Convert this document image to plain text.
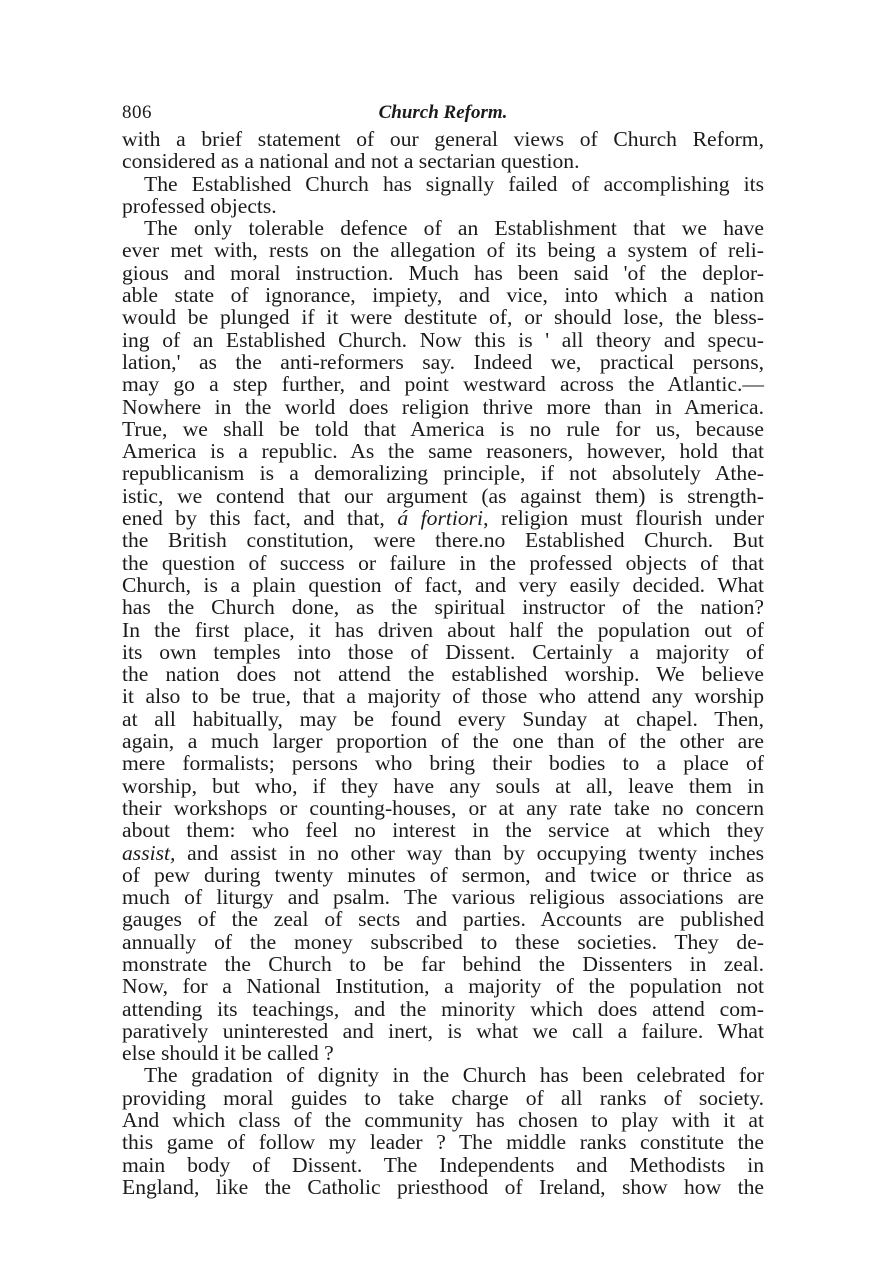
806	Church Reform.
with a brief statement of our general views of Church Reform,
considered as a national and not a sectarian question.
The Established Church has signally failed of accomplishing its
professed objects.
The only tolerable defence of an Establishment that we have
ever met with, rests on the allegation of its being a system of reli-
gious and moral instruction. Much has been said 'of the deplor-
able state of ignorance, impiety, and vice, into which a nation
would be plunged if it were destitute of, or should lose, the bless-
ing of an Established Church. Now this is ' all theory and specu-
lation,' as the anti-reformers say. Indeed we, practical persons,
may go a step further, and point westward across the Atlantic.—
Nowhere in the world does religion thrive more than in America.
True, we shall be told that America is no rule for us, because
America is a republic. As the same reasoners, however, hold that
republicanism is a demoralizing principle, if not absolutely Athe-
istic, we contend that our argument (as against them) is strength-
ened by this fact, and that, á fortiori, religion must flourish under
the British constitution, were there.no Established Church. But
the question of success or failure in the professed objects of that
Church, is a plain question of fact, and very easily decided. What
has the Church done, as the spiritual instructor of the nation?
In the first place, it has driven about half the population out of
its own temples into those of Dissent. Certainly a majority of
the nation does not attend the established worship. We believe
it also to be true, that a majority of those who attend any worship
at all habitually, may be found every Sunday at chapel. Then,
again, a much larger proportion of the one than of the other are
mere formalists; persons who bring their bodies to a place of
worship, but who, if they have any souls at all, leave them in
their workshops or counting-houses, or at any rate take no concern
about them: who feel no interest in the service at which they
assist, and assist in no other way than by occupying twenty inches
of pew during twenty minutes of sermon, and twice or thrice as
much of liturgy and psalm. The various religious associations are
gauges of the zeal of sects and parties. Accounts are published
annually of the money subscribed to these societies. They de-
monstrate the Church to be far behind the Dissenters in zeal.
Now, for a National Institution, a majority of the population not
attending its teachings, and the minority which does attend com-
paratively uninterested and inert, is what we call a failure. What
else should it be called ?
The gradation of dignity in the Church has been celebrated for
providing moral guides to take charge of all ranks of society.
And which class of the community has chosen to play with it at
this game of follow my leader ? The middle ranks constitute the
main body of Dissent. The Independents and Methodists in
England, like the Catholic priesthood of Ireland, show how the
